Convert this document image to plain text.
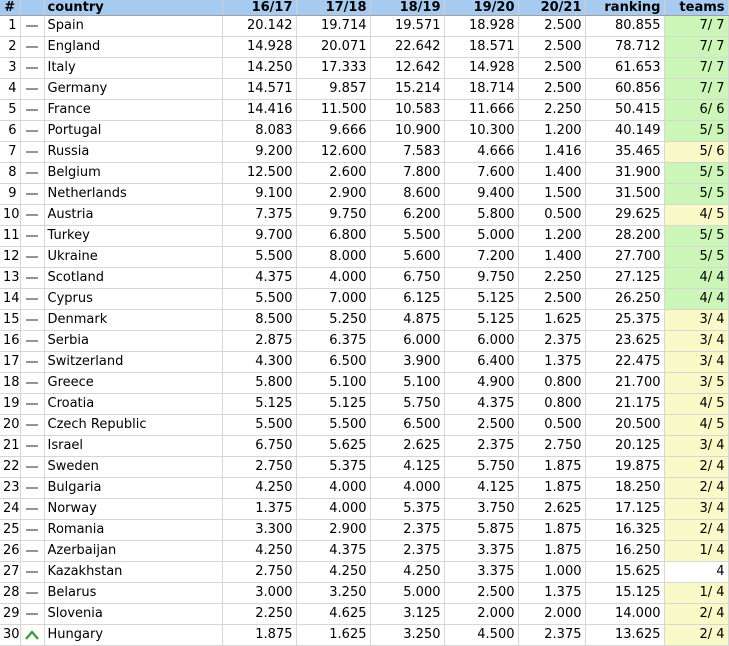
#		country	16/17	17/18	18/19	19/20	20/21	ranking	teams
1		Spain	20.142	19.714	19.571	18.928	2.500	80.855	7/ 7
2		England	14.928	20.071	22.642	18.571	2.500	78.712	7/ 7
3		Italy	14.250	17.333	12.642	14.928	2.500	61.653	7/ 7
4		Germany	14.571	9.857	15.214	18.714	2.500	60.856	7/ 7
5		France	14.416	11.500	10.583	11.666	2.250	50.415	6/ 6
6		Portugal	8.083	9.666	10.900	10.300	1.200	40.149	5/ 5
7		Russia	9.200	12.600	7.583	4.666	1.416	35.465	5/ 6
8		Belgium	12.500	2.600	7.800	7.600	1.400	31.900	5/ 5
9		Netherlands	9.100	2.900	8.600	9.400	1.500	31.500	5/ 5
10		Austria	7.375	9.750	6.200	5.800	0.500	29.625	4/ 5
11		Turkey	9.700	6.800	5.500	5.000	1.200	28.200	5/ 5
12		Ukraine	5.500	8.000	5.600	7.200	1.400	27.700	5/ 5
13		Scotland	4.375	4.000	6.750	9.750	2.250	27.125	4/ 4
14		Cyprus	5.500	7.000	6.125	5.125	2.500	26.250	4/ 4
15		Denmark	8.500	5.250	4.875	5.125	1.625	25.375	3/ 4
16		Serbia	2.875	6.375	6.000	6.000	2.375	23.625	3/ 4
17		Switzerland	4.300	6.500	3.900	6.400	1.375	22.475	3/ 4
18		Greece	5.800	5.100	5.100	4.900	0.800	21.700	3/ 5
19		Croatia	5.125	5.125	5.750	4.375	0.800	21.175	4/ 5
20		Czech Republic	5.500	5.500	6.500	2.500	0.500	20.500	4/ 5
21		Israel	6.750	5.625	2.625	2.375	2.750	20.125	3/ 4
22		Sweden	2.750	5.375	4.125	5.750	1.875	19.875	2/ 4
23		Bulgaria	4.250	4.000	4.000	4.125	1.875	18.250	2/ 4
24		Norway	1.375	4.000	5.375	3.750	2.625	17.125	3/ 4
25		Romania	3.300	2.900	2.375	5.875	1.875	16.325	2/ 4
26		Azerbaijan	4.250	4.375	2.375	3.375	1.875	16.250	1/ 4
27		Kazakhstan	2.750	4.250	4.250	3.375	1.000	15.625	4
28		Belarus	3.000	3.250	5.000	2.500	1.375	15.125	1/ 4
29		Slovenia	2.250	4.625	3.125	2.000	2.000	14.000	2/ 4
30		Hungary	1.875	1.625	3.250	4.500	2.375	13.625	2/ 4
